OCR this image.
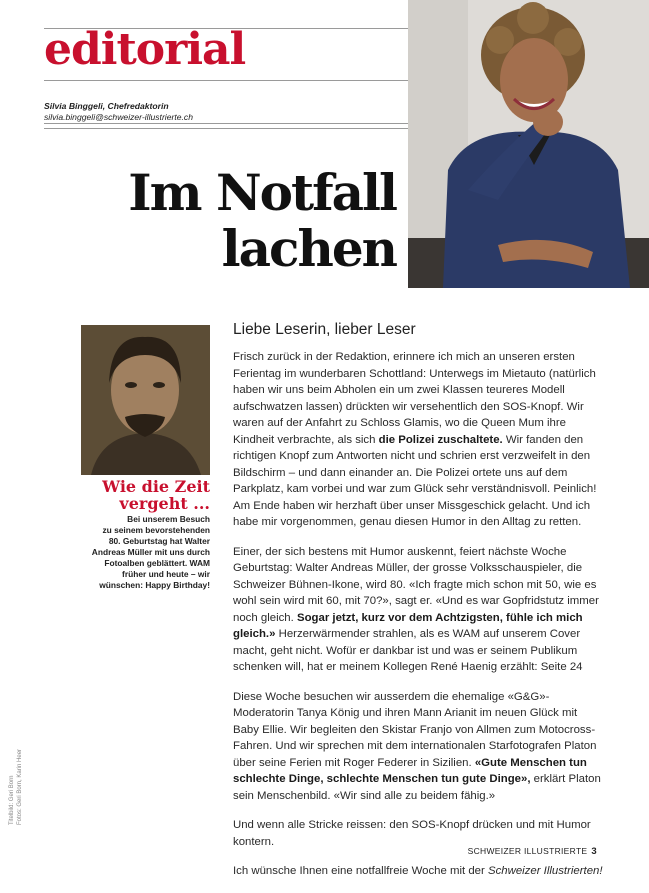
editorial
Silvia Binggeli, Chefredaktorin
silvia.binggeli@schweizer-illustrierte.ch
Im Notfall
lachen
Wie die Zeit
vergeht ...
Bei unserem Besuch
zu seinem bevorstehenden
80. Geburtstag hat Walter
Andreas Müller mit uns durch
Fotoalben geblättert. WAM
früher und heute – wir
wünschen: Happy Birthday!
Titelbild: Geri Born Fotos: Geri Born, Karin Heer
Liebe Leserin, lieber Leser

Frisch zurück in der Redaktion, erinnere ich mich an unseren ersten Ferientag im wunderbaren Schottland: Unterwegs im Mietauto (natürlich haben wir uns beim Abholen ein um zwei Klassen teureres Modell aufschwatzen lassen) drückten wir versehentlich den SOS-Knopf. Wir waren auf der Anfahrt zu Schloss Glamis, wo die Queen Mum ihre Kindheit verbrachte, als sich die Polizei zuschaltete. Wir fanden den richtigen Knopf zum Antworten nicht und schrien erst verzweifelt in den Bildschirm – und dann einander an. Die Polizei ortete uns auf dem Parkplatz, kam vorbei und war zum Glück sehr verständnisvoll. Peinlich! Am Ende haben wir herzhaft über unser Missgeschick gelacht. Und ich habe mir vorgenommen, genau diesen Humor in den Alltag zu retten.

Einer, der sich bestens mit Humor auskennt, feiert nächste Woche Geburtstag: Walter Andreas Müller, der grosse Volksschauspieler, die Schweizer Bühnen-Ikone, wird 80. «Ich fragte mich schon mit 50, wie es wohl sein wird mit 60, mit 70?», sagt er. «Und es war Gopfridstutz immer noch gleich. Sogar jetzt, kurz vor dem Achtzigsten, fühle ich mich gleich.» Herzerwärmender strahlen, als es WAM auf unserem Cover macht, geht nicht. Wofür er dankbar ist und was er seinem Publikum schenken will, hat er meinem Kollegen René Haenig erzählt: Seite 24

Diese Woche besuchen wir ausserdem die ehemalige «G&G»-Moderatorin Tanya König und ihren Mann Arianit im neuen Glück mit Baby Ellie. Wir begleiten den Skistar Franjo von Allmen zum Motocross-Fahren. Und wir sprechen mit dem internationalen Starfotografen Platon über seine Ferien mit Roger Federer in Sizilien. «Gute Menschen tun schlechte Dinge, schlechte Menschen tun gute Dinge», erklärt Platon sein Menschenbild. «Wir sind alle zu beidem fähig.»

Und wenn alle Stricke reissen: den SOS-Knopf drücken und mit Humor kontern.

Ich wünsche Ihnen eine notfallfreie Woche mit der Schweizer Illustrierten!

SCHWEIZER ILLUSTRIERTE 3
